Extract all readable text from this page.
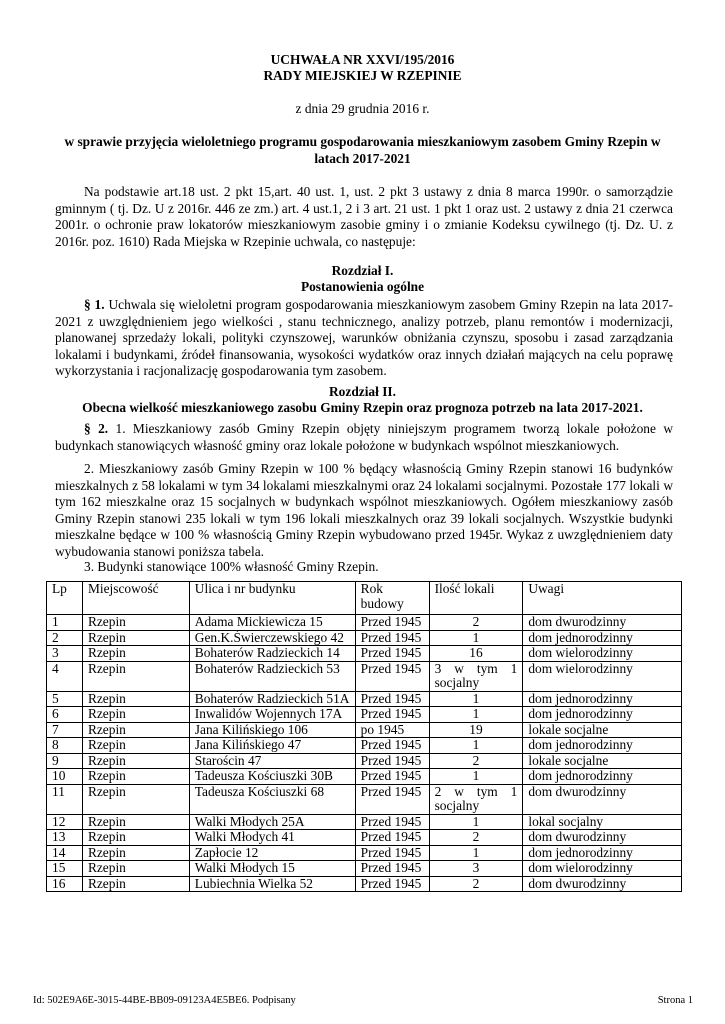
UCHWAŁA NR XXVI/195/2016
RADY MIEJSKIEJ W RZEPINIE
z dnia 29 grudnia 2016 r.
w sprawie przyjęcia wieloletniego programu gospodarowania mieszkaniowym zasobem Gminy Rzepin w latach 2017-2021
Na podstawie art.18 ust. 2 pkt 15,art. 40 ust. 1, ust. 2 pkt 3 ustawy z dnia 8 marca 1990r. o samorządzie gminnym ( tj. Dz. U z 2016r. 446 ze zm.) art. 4 ust.1, 2 i 3 art. 21 ust. 1 pkt 1 oraz ust. 2 ustawy z dnia 21 czerwca 2001r. o ochronie praw lokatorów mieszkaniowym zasobie gminy i o zmianie Kodeksu cywilnego (tj. Dz. U. z 2016r. poz. 1610) Rada Miejska w Rzepinie uchwala, co następuje:
Rozdział I.
Postanowienia ogólne
§ 1. Uchwala się wieloletni program gospodarowania mieszkaniowym zasobem Gminy Rzepin na lata 2017-2021 z uwzględnieniem jego wielkości , stanu technicznego, analizy potrzeb, planu remontów i modernizacji, planowanej sprzedaży lokali, polityki czynszowej, warunków obniżania czynszu, sposobu i zasad zarządzania lokalami i budynkami, źródeł finansowania, wysokości wydatków oraz innych działań mających na celu poprawę wykorzystania i racjonalizację gospodarowania tym zasobem.
Rozdział II.
Obecna wielkość mieszkaniowego zasobu Gminy Rzepin oraz prognoza potrzeb na lata 2017-2021.
§ 2. 1. Mieszkaniowy zasób Gminy Rzepin objęty niniejszym programem tworzą lokale położone w budynkach stanowiących własność gminy oraz lokale położone w budynkach wspólnot mieszkaniowych.
2. Mieszkaniowy zasób Gminy Rzepin w 100 % będący własnością Gminy Rzepin stanowi 16 budynków mieszkalnych z 58 lokalami w tym 34 lokalami mieszkalnymi oraz 24 lokalami socjalnymi. Pozostałe 177 lokali w tym 162 mieszkalne oraz 15 socjalnych w budynkach wspólnot mieszkaniowych. Ogółem mieszkaniowy zasób Gminy Rzepin stanowi 235 lokali w tym 196 lokali mieszkalnych oraz 39 lokali socjalnych. Wszystkie budynki mieszkalne będące w 100 % własnością Gminy Rzepin wybudowano przed 1945r. Wykaz z uwzględnieniem daty wybudowania stanowi poniższa tabela.
3. Budynki stanowiące 100% własność Gminy Rzepin.
Lp	Miejscowość	Ulica i nr budynku	Rok budowy	Ilość lokali	Uwagi
1	Rzepin	Adama Mickiewicza 15	Przed 1945	2	dom dwurodzinny
2	Rzepin	Gen.K.Świerczewskiego 42	Przed 1945	1	dom jednorodzinny
3	Rzepin	Bohaterów Radzieckich 14	Przed 1945	16	dom wielorodzinny
4	Rzepin	Bohaterów Radzieckich 53	Przed 1945	3 w tym 1 socjalny	dom wielorodzinny
5	Rzepin	Bohaterów Radzieckich 51A	Przed 1945	1	dom jednorodzinny
6	Rzepin	Inwalidów Wojennych 17A	Przed 1945	1	dom jednorodzinny
7	Rzepin	Jana Kilińskiego 106	po 1945	19	lokale socjalne
8	Rzepin	Jana Kilińskiego 47	Przed 1945	1	dom jednorodzinny
9	Rzepin	Starościn 47	Przed 1945	2	lokale socjalne
10	Rzepin	Tadeusza Kościuszki 30B	Przed 1945	1	dom jednorodzinny
11	Rzepin	Tadeusza Kościuszki 68	Przed 1945	2 w tym 1 socjalny	dom dwurodzinny
12	Rzepin	Walki Młodych 25A	Przed 1945	1	lokal socjalny
13	Rzepin	Walki Młodych 41	Przed 1945	2	dom dwurodzinny
14	Rzepin	Zapłocie 12	Przed 1945	1	dom jednorodzinny
15	Rzepin	Walki Młodych 15	Przed 1945	3	dom wielorodzinny
16	Rzepin	Lubiechnia Wielka 52	Przed 1945	2	dom dwurodzinny
Id: 502E9A6E-3015-44BE-BB09-09123A4E5BE6. Podpisany	Strona 1
